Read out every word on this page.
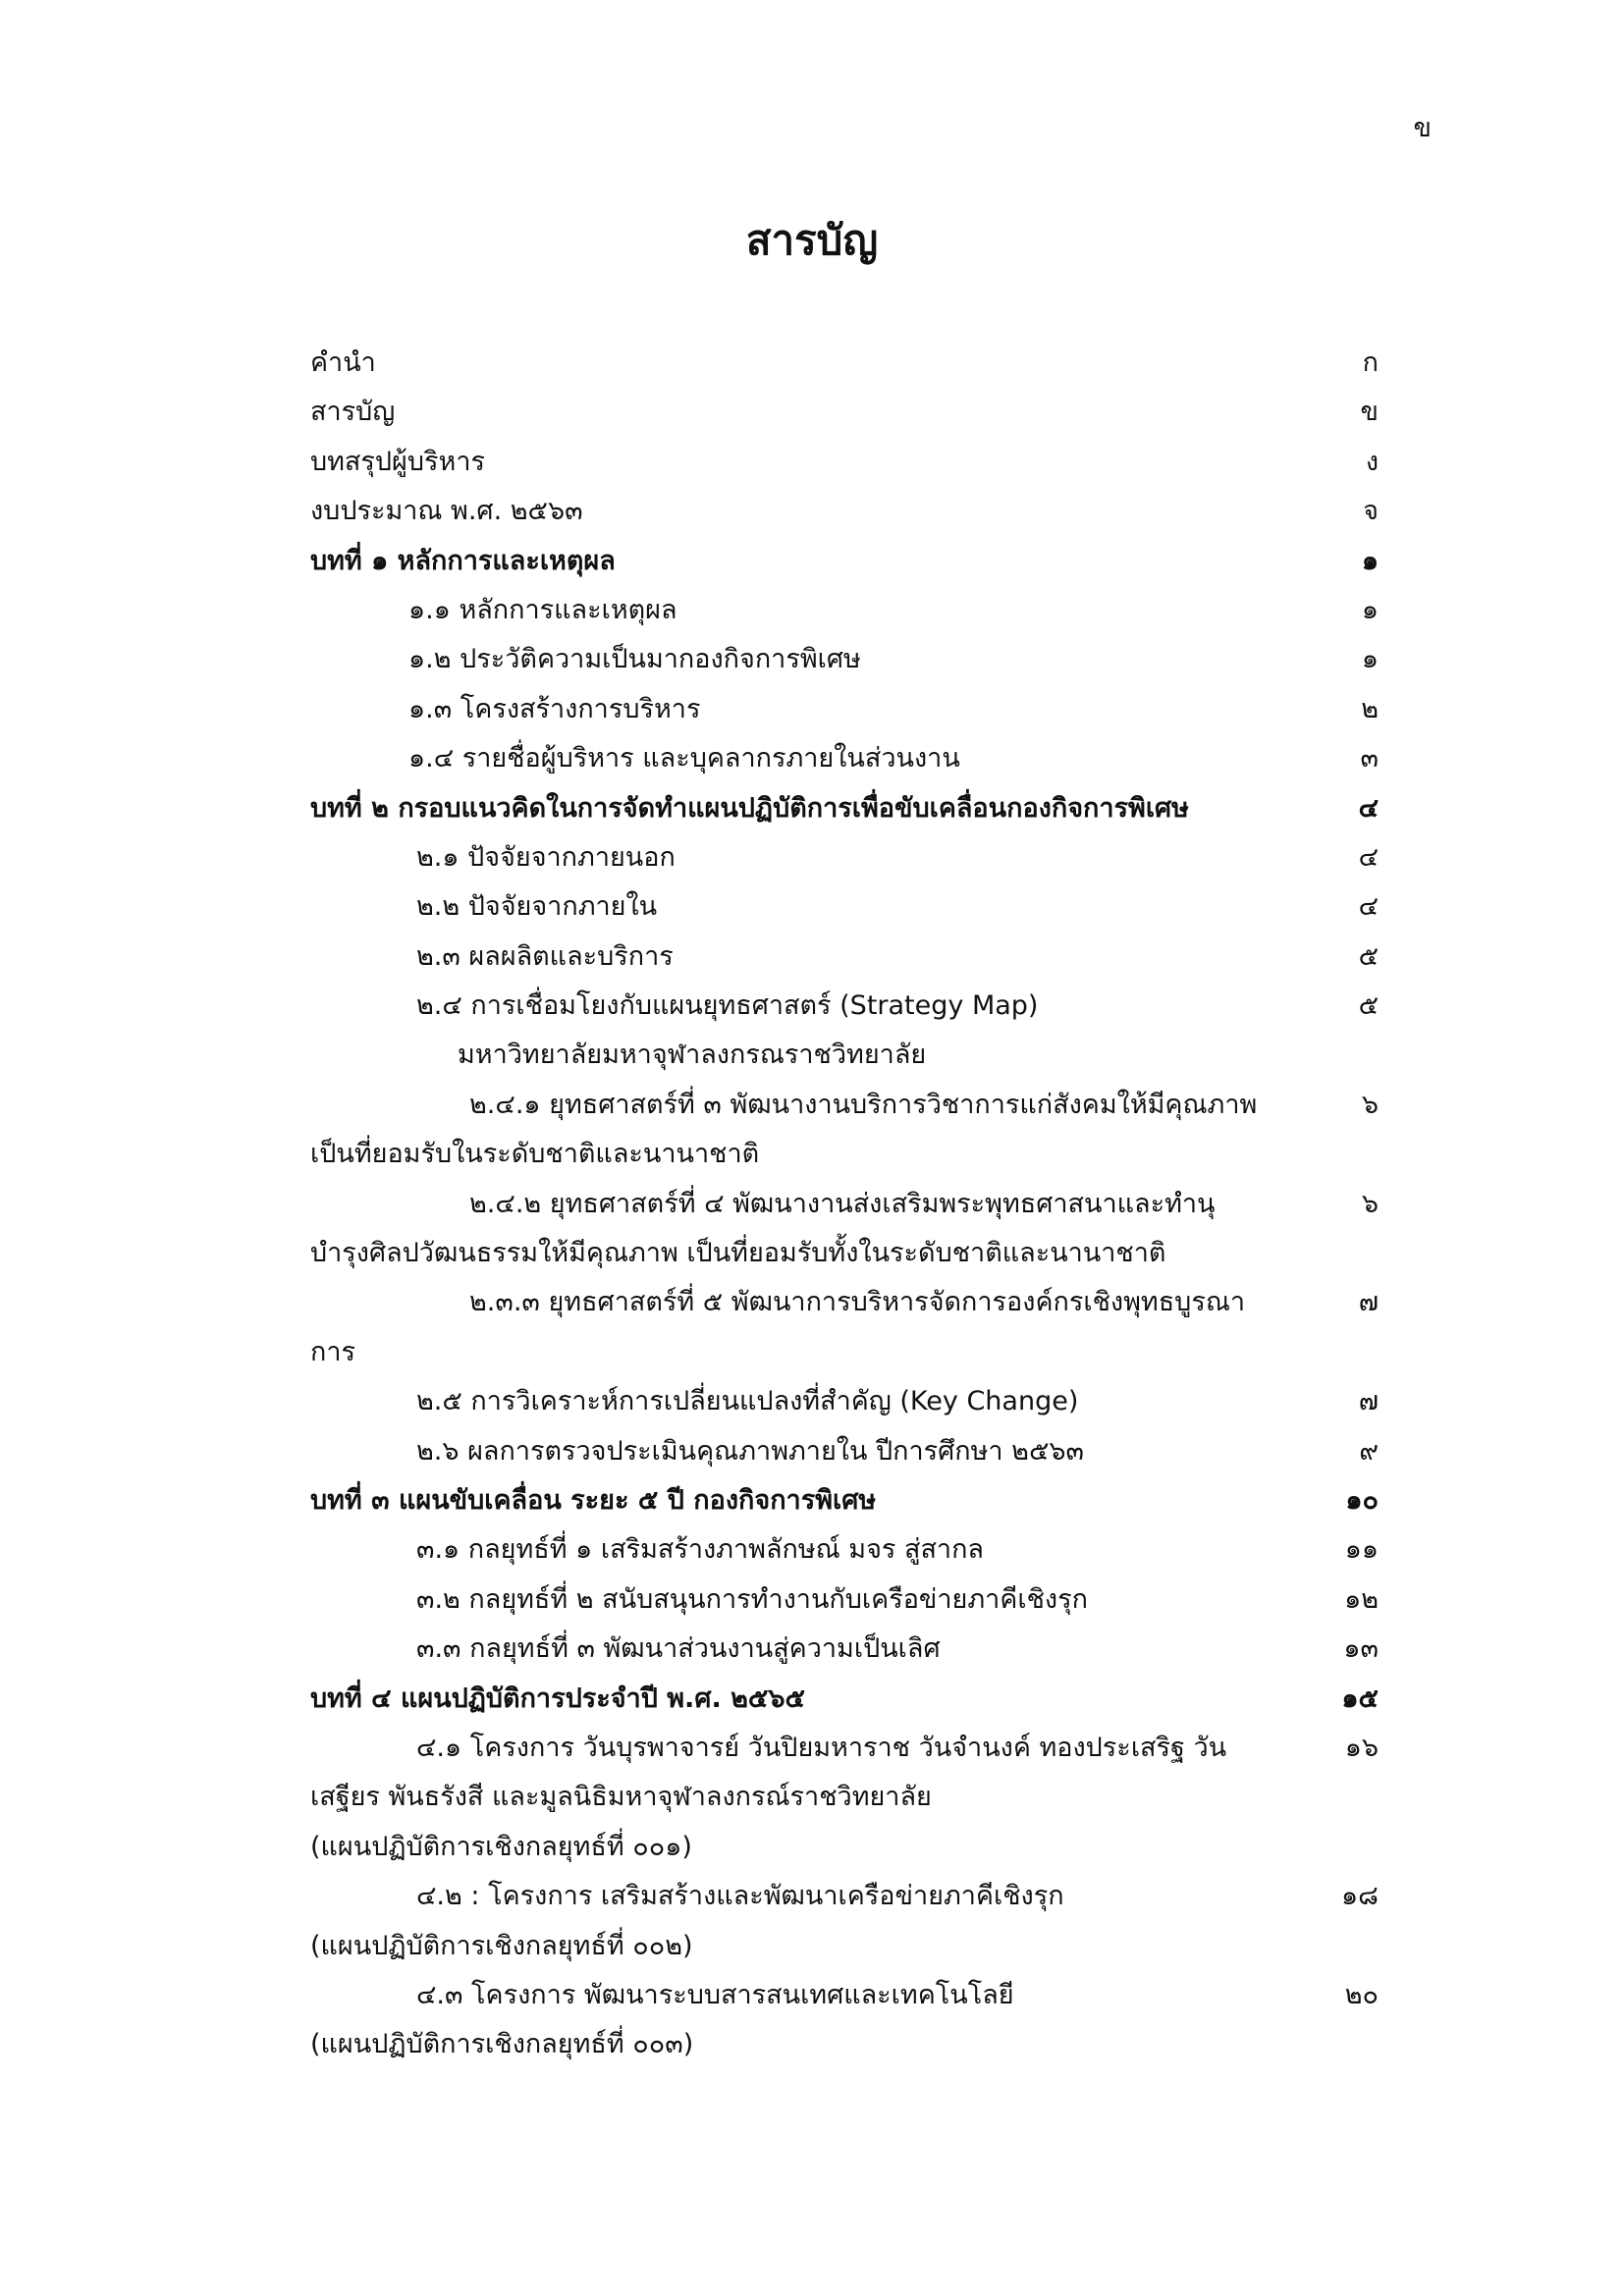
ข
สารบัญ
คำนำ	ก
สารบัญ	ข
บทสรุปผู้บริหาร	ง
งบประมาณ พ.ศ. ๒๕๖๓	จ
บทที่ ๑ หลักการและเหตุผล	๑
๑.๑ หลักการและเหตุผล	๑
๑.๒ ประวัติความเป็นมากองกิจการพิเศษ	๑
๑.๓ โครงสร้างการบริหาร	๒
๑.๔ รายชื่อผู้บริหาร และบุคลากรภายในส่วนงาน	๓
บทที่ ๒ กรอบแนวคิดในการจัดทำแผนปฏิบัติการเพื่อขับเคลื่อนกองกิจการพิเศษ	๔
๒.๑ ปัจจัยจากภายนอก	๔
๒.๒ ปัจจัยจากภายใน	๔
๒.๓ ผลผลิตและบริการ	๕
๒.๔ การเชื่อมโยงกับแผนยุทธศาสตร์ (Strategy Map)	๕
มหาวิทยาลัยมหาจุฬาลงกรณราชวิทยาลัย
๒.๔.๑ ยุทธศาสตร์ที่ ๓ พัฒนางานบริการวิชาการแก่สังคมให้มีคุณภาพ	๖
เป็นที่ยอมรับในระดับชาติและนานาชาติ
๒.๔.๒ ยุทธศาสตร์ที่ ๔ พัฒนางานส่งเสริมพระพุทธศาสนาและทำนุ	๖
บำรุงศิลปวัฒนธรรมให้มีคุณภาพ เป็นที่ยอมรับทั้งในระดับชาติและนานาชาติ
๒.๓.๓ ยุทธศาสตร์ที่ ๕ พัฒนาการบริหารจัดการองค์กรเชิงพุทธบูรณา	๗
การ
๒.๕ การวิเคราะห์การเปลี่ยนแปลงที่สำคัญ (Key Change)	๗
๒.๖ ผลการตรวจประเมินคุณภาพภายใน ปีการศึกษา ๒๕๖๓	๙
บทที่ ๓ แผนขับเคลื่อน ระยะ ๕ ปี กองกิจการพิเศษ	๑๐
๓.๑ กลยุทธ์ที่ ๑ เสริมสร้างภาพลักษณ์ มจร สู่สากล	๑๑
๓.๒ กลยุทธ์ที่ ๒ สนับสนุนการทำงานกับเครือข่ายภาคีเชิงรุก	๑๒
๓.๓ กลยุทธ์ที่ ๓ พัฒนาส่วนงานสู่ความเป็นเลิศ	๑๓
บทที่ ๔ แผนปฏิบัติการประจำปี พ.ศ. ๒๕๖๕	๑๕
๔.๑ โครงการ วันบุรพาจารย์ วันปิยมหาราช วันจำนงค์ ทองประเสริฐ วัน	๑๖
เสฐียร พันธรังสี และมูลนิธิมหาจุฬาลงกรณ์ราชวิทยาลัย
(แผนปฏิบัติการเชิงกลยุทธ์ที่ ๐๐๑)
๔.๒ : โครงการ เสริมสร้างและพัฒนาเครือข่ายภาคีเชิงรุก	๑๘
(แผนปฏิบัติการเชิงกลยุทธ์ที่ ๐๐๒)
๔.๓ โครงการ พัฒนาระบบสารสนเทศและเทคโนโลยี	๒๐
(แผนปฏิบัติการเชิงกลยุทธ์ที่ ๐๐๓)
